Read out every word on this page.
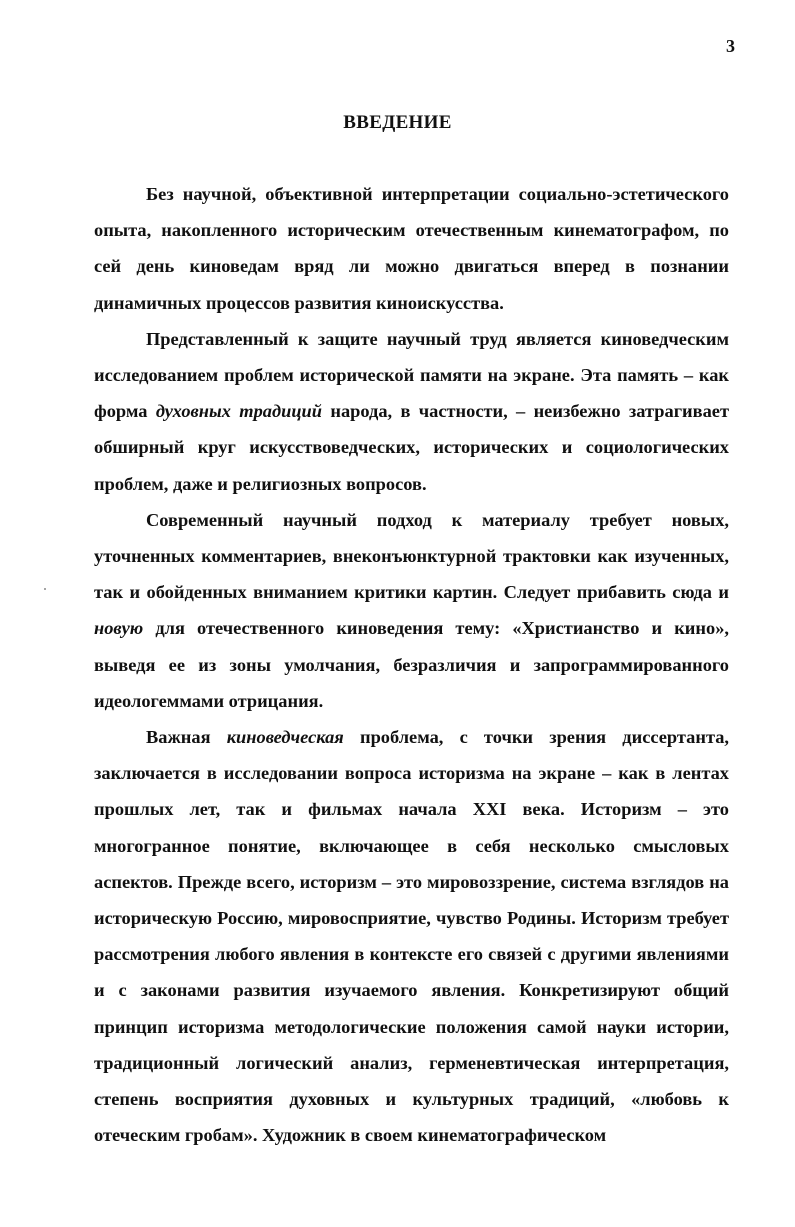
3
ВВЕДЕНИЕ

Без научной, объективной интерпретации социально-эстетического опыта, накопленного историческим отечественным кинематографом, по сей день киноведам вряд ли можно двигаться вперед в познании динамичных процессов развития киноискусства.

Представленный к защите научный труд является киноведческим исследованием проблем исторической памяти на экране. Эта память – как форма духовных традиций народа, в частности, – неизбежно затрагивает обширный круг искусствоведческих, исторических и социологических проблем, даже и религиозных вопросов.

Современный научный подход к материалу требует новых, уточненных комментариев, внеконъюнктурной трактовки как изученных, так и обойденных вниманием критики картин. Следует прибавить сюда и новую для отечественного киноведения тему: «Христианство и кино», выведя ее из зоны умолчания, безразличия и запрограммированного идеологеммами отрицания.

Важная киноведческая проблема, с точки зрения диссертанта, заключается в исследовании вопроса историзма на экране – как в лентах прошлых лет, так и фильмах начала XXI века. Историзм – это многогранное понятие, включающее в себя несколько смысловых аспектов. Прежде всего, историзм – это мировоззрение, система взглядов на историческую Россию, мировосприятие, чувство Родины. Историзм требует рассмотрения любого явления в контексте его связей с другими явлениями и с законами развития изучаемого явления. Конкретизируют общий принцип историзма методологические положения самой науки истории, традиционный логический анализ, герменевтическая интерпретация, степень восприятия духовных и культурных традиций, «любовь к отеческим гробам». Художник в своем кинематографическом
